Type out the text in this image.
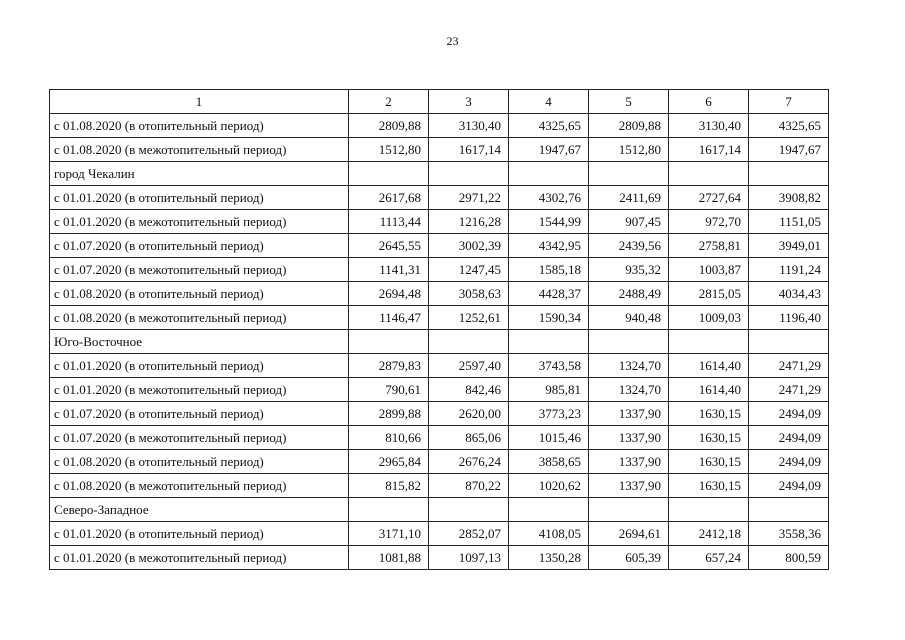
23
1	2	3	4	5	6	7
с 01.08.2020 (в отопительный период)	2809,88	3130,40	4325,65	2809,88	3130,40	4325,65
с 01.08.2020 (в межотопительный период)	1512,80	1617,14	1947,67	1512,80	1617,14	1947,67
город Чекалин						
с 01.01.2020 (в отопительный период)	2617,68	2971,22	4302,76	2411,69	2727,64	3908,82
с 01.01.2020 (в межотопительный период)	1113,44	1216,28	1544,99	907,45	972,70	1151,05
с 01.07.2020 (в отопительный период)	2645,55	3002,39	4342,95	2439,56	2758,81	3949,01
с 01.07.2020 (в межотопительный период)	1141,31	1247,45	1585,18	935,32	1003,87	1191,24
с 01.08.2020 (в отопительный период)	2694,48	3058,63	4428,37	2488,49	2815,05	4034,43
с 01.08.2020 (в межотопительный период)	1146,47	1252,61	1590,34	940,48	1009,03	1196,40
Юго-Восточное						
с 01.01.2020 (в отопительный период)	2879,83	2597,40	3743,58	1324,70	1614,40	2471,29
с 01.01.2020 (в межотопительный период)	790,61	842,46	985,81	1324,70	1614,40	2471,29
с 01.07.2020 (в отопительный период)	2899,88	2620,00	3773,23	1337,90	1630,15	2494,09
с 01.07.2020 (в межотопительный период)	810,66	865,06	1015,46	1337,90	1630,15	2494,09
с 01.08.2020 (в отопительный период)	2965,84	2676,24	3858,65	1337,90	1630,15	2494,09
с 01.08.2020 (в межотопительный период)	815,82	870,22	1020,62	1337,90	1630,15	2494,09
Северо-Западное						
с 01.01.2020 (в отопительный период)	3171,10	2852,07	4108,05	2694,61	2412,18	3558,36
с 01.01.2020 (в межотопительный период)	1081,88	1097,13	1350,28	605,39	657,24	800,59
